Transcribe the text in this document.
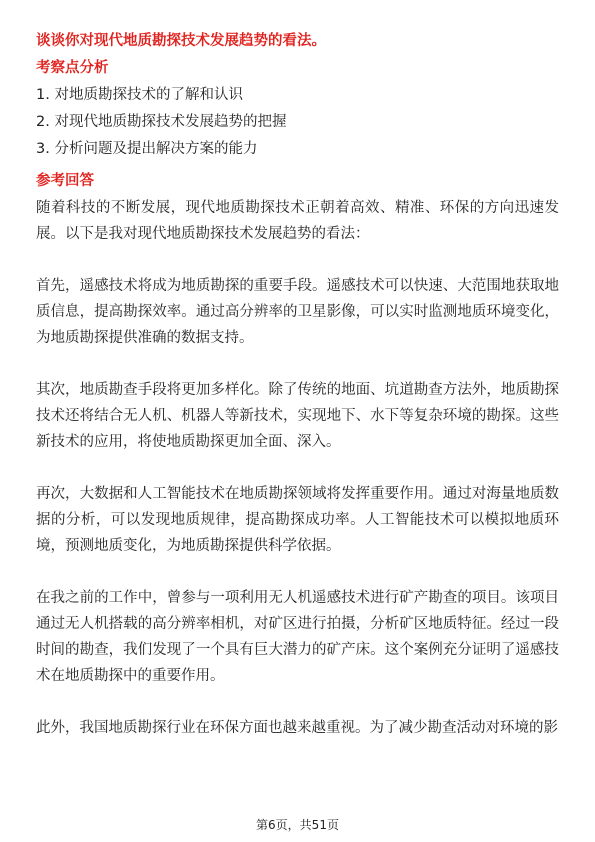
谈谈你对现代地质勘探技术发展趋势的看法。
考察点分析
1. 对地质勘探技术的了解和认识
2. 对现代地质勘探技术发展趋势的把握
3. 分析问题及提出解决方案的能力
参考回答

随着科技的不断发展，现代地质勘探技术正朝着高效、精准、环保的方向迅速发展。以下是我对现代地质勘探技术发展趋势的看法：

首先，遥感技术将成为地质勘探的重要手段。遥感技术可以快速、大范围地获取地质信息，提高勘探效率。通过高分辨率的卫星影像，可以实时监测地质环境变化，为地质勘探提供准确的数据支持。

其次，地质勘查手段将更加多样化。除了传统的地面、坑道勘查方法外，地质勘探技术还将结合无人机、机器人等新技术，实现地下、水下等复杂环境的勘探。这些新技术的应用，将使地质勘探更加全面、深入。

再次，大数据和人工智能技术在地质勘探领域将发挥重要作用。通过对海量地质数据的分析，可以发现地质规律，提高勘探成功率。人工智能技术可以模拟地质环境，预测地质变化，为地质勘探提供科学依据。

在我之前的工作中，曾参与一项利用无人机遥感技术进行矿产勘查的项目。该项目通过无人机搭载的高分辨率相机，对矿区进行拍摄，分析矿区地质特征。经过一段时间的勘查，我们发现了一个具有巨大潜力的矿产床。这个案例充分证明了遥感技术在地质勘探中的重要作用。

此外，我国地质勘探行业在环保方面也越来越重视。为了减少勘查活动对环境的影

第6页，共51页
